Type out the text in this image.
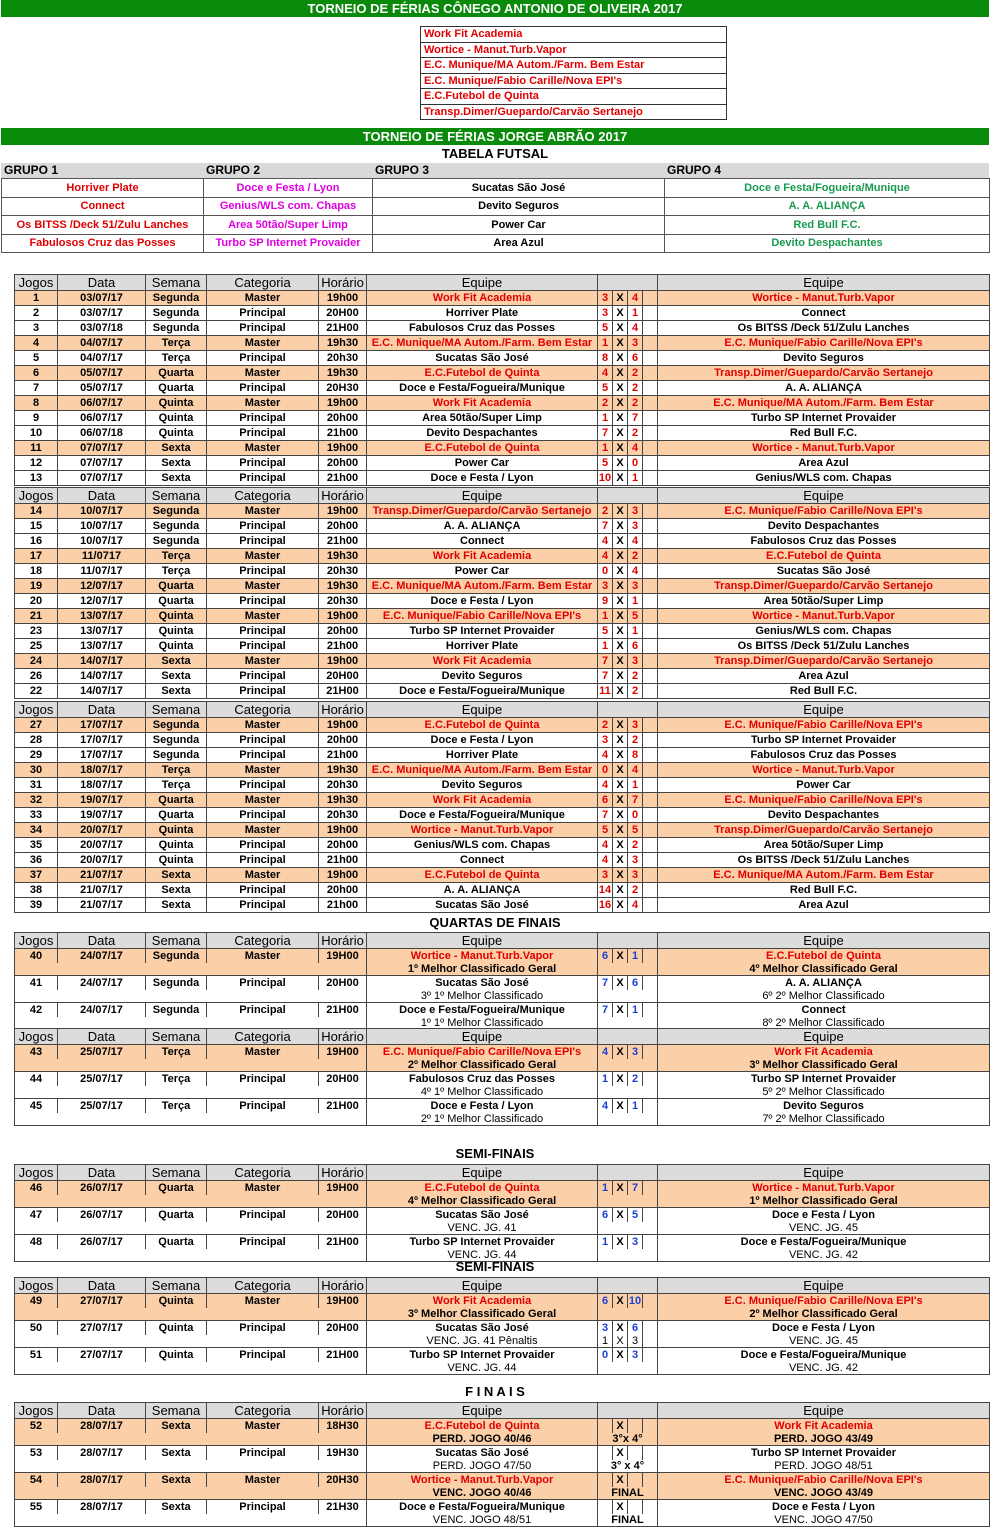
TORNEIO DE FÉRIAS CÔNEGO ANTONIO DE OLIVEIRA 2017
Work Fit Academia
Wortice - Manut.Turb.Vapor
E.C. Munique/MA Autom./Farm. Bem Estar
E.C. Munique/Fabio Carille/Nova EPI's
E.C.Futebol de Quinta
Transp.Dimer/Guepardo/Carvão Sertanejo
TORNEIO DE FÉRIAS JORGE ABRÃO 2017
TABELA FUTSAL
GRUPO 1	GRUPO 2	GRUPO 3	GRUPO 4
Horriver Plate	Doce e Festa / Lyon	Sucatas São José	Doce e Festa/Fogueira/Munique
Connect	Genius/WLS com. Chapas	Devito Seguros	A. A. ALIANÇA
Os BITSS /Deck 51/Zulu Lanches	Area 50tão/Super Limp	Power Car	Red Bull F.C.
Fabulosos Cruz das Posses	Turbo SP Internet Provaider	Area Azul	Devito Despachantes
Jogos	Data	Semana	Categoria	Horário	Equipe					Equipe
1	03/07/17	Segunda	Master	19h00	Work Fit Academia	3	X	4		Wortice - Manut.Turb.Vapor
2	03/07/17	Segunda	Principal	20H00	Horriver Plate	3	X	1		Connect
3	03/07/18	Segunda	Principal	21H00	Fabulosos Cruz das Posses	5	X	4		Os BITSS /Deck 51/Zulu Lanches
4	04/07/17	Terça	Master	19h30	E.C. Munique/MA Autom./Farm. Bem Estar	1	X	3		E.C. Munique/Fabio Carille/Nova EPI's
5	04/07/17	Terça	Principal	20h30	Sucatas São José	8	X	6		Devito Seguros
6	05/07/17	Quarta	Master	19h30	E.C.Futebol de Quinta	4	X	2		Transp.Dimer/Guepardo/Carvão Sertanejo
7	05/07/17	Quarta	Principal	20H30	Doce e Festa/Fogueira/Munique	5	X	2		A. A. ALIANÇA
8	06/07/17	Quinta	Master	19h00	Work Fit Academia	2	X	2		E.C. Munique/MA Autom./Farm. Bem Estar
9	06/07/17	Quinta	Principal	20h00	Area 50tão/Super Limp	1	X	7		Turbo SP Internet Provaider
10	06/07/18	Quinta	Principal	21h00	Devito Despachantes	7	X	2		Red Bull F.C.
11	07/07/17	Sexta	Master	19h00	E.C.Futebol de Quinta	1	X	4		Wortice - Manut.Turb.Vapor
12	07/07/17	Sexta	Principal	20h00	Power Car	5	X	0		Area Azul
13	07/07/17	Sexta	Principal	21h00	Doce e Festa / Lyon	10	X	1		Genius/WLS com. Chapas
Jogos	Data	Semana	Categoria	Horário	Equipe					Equipe
14	10/07/17	Segunda	Master	19h00	Transp.Dimer/Guepardo/Carvão Sertanejo	2	X	3		E.C. Munique/Fabio Carille/Nova EPI's
15	10/07/17	Segunda	Principal	20h00	A. A. ALIANÇA	7	X	3		Devito Despachantes
16	10/07/17	Segunda	Principal	21h00	Connect	4	X	4		Fabulosos Cruz das Posses
17	11/0717	Terça	Master	19h30	Work Fit Academia	4	X	2		E.C.Futebol de Quinta
18	11/07/17	Terça	Principal	20h30	Power Car	0	X	4		Sucatas São José
19	12/07/17	Quarta	Master	19h30	E.C. Munique/MA Autom./Farm. Bem Estar	3	X	3		Transp.Dimer/Guepardo/Carvão Sertanejo
20	12/07/17	Quarta	Principal	20h30	Doce e Festa / Lyon	9	X	1		Area 50tão/Super Limp
21	13/07/17	Quinta	Master	19h00	E.C. Munique/Fabio Carille/Nova EPI's	1	X	5		Wortice - Manut.Turb.Vapor
23	13/07/17	Quinta	Principal	20h00	Turbo SP Internet Provaider	5	X	1		Genius/WLS com. Chapas
25	13/07/17	Quinta	Principal	21h00	Horriver Plate	1	X	6		Os BITSS /Deck 51/Zulu Lanches
24	14/07/17	Sexta	Master	19h00	Work Fit Academia	7	X	3		Transp.Dimer/Guepardo/Carvão Sertanejo
26	14/07/17	Sexta	Principal	20H00	Devito Seguros	7	X	2		Area Azul
22	14/07/17	Sexta	Principal	21H00	Doce e Festa/Fogueira/Munique	11	X	2		Red Bull F.C.
Jogos	Data	Semana	Categoria	Horário	Equipe					Equipe
27	17/07/17	Segunda	Master	19h00	E.C.Futebol de Quinta	2	X	3		E.C. Munique/Fabio Carille/Nova EPI's
28	17/07/17	Segunda	Principal	20h00	Doce e Festa / Lyon	3	X	2		Turbo SP Internet Provaider
29	17/07/17	Segunda	Principal	21h00	Horriver Plate	4	X	8		Fabulosos Cruz das Posses
30	18/07/17	Terça	Master	19h30	E.C. Munique/MA Autom./Farm. Bem Estar	0	X	4		Wortice - Manut.Turb.Vapor
31	18/07/17	Terça	Principal	20h30	Devito Seguros	4	X	1		Power Car
32	19/07/17	Quarta	Master	19h30	Work Fit Academia	6	X	7		E.C. Munique/Fabio Carille/Nova EPI's
33	19/07/17	Quarta	Principal	20h30	Doce e Festa/Fogueira/Munique	7	X	0		Devito Despachantes
34	20/07/17	Quinta	Master	19h00	Wortice - Manut.Turb.Vapor	5	X	5		Transp.Dimer/Guepardo/Carvão Sertanejo
35	20/07/17	Quinta	Principal	20h00	Genius/WLS com. Chapas	4	X	2		Area 50tão/Super Limp
36	20/07/17	Quinta	Principal	21h00	Connect	4	X	3		Os BITSS /Deck 51/Zulu Lanches
37	21/07/17	Sexta	Master	19h00	E.C.Futebol de Quinta	3	X	3		E.C. Munique/MA Autom./Farm. Bem Estar
38	21/07/17	Sexta	Principal	20h00	A. A. ALIANÇA	14	X	2		Red Bull F.C.
39	21/07/17	Sexta	Principal	21h00	Sucatas São José	16	X	4		Area Azul
QUARTAS DE FINAIS
Jogos	Data	Semana	Categoria	Horário	Equipe					Equipe
40	24/07/17	Segunda	Master	19H00	Wortice - Manut.Turb.Vapor	6	X	1		E.C.Futebol de Quinta
					1º Melhor Classificado Geral					4º Melhor Classificado Geral
41	24/07/17	Segunda	Principal	20H00	Sucatas São José	7	X	6		A. A. ALIANÇA
					3º 1º Melhor Classificado					6º 2º Melhor Classificado
42	24/07/17	Segunda	Principal	21H00	Doce e Festa/Fogueira/Munique	7	X	1		Connect
					1º 1º Melhor Classificado					8º 2º Melhor Classificado
Jogos	Data	Semana	Categoria	Horário	Equipe					Equipe
43	25/07/17	Terça	Master	19H00	E.C. Munique/Fabio Carille/Nova EPI's	4	X	3		Work Fit Academia
					2º Melhor Classificado Geral					3º Melhor Classificado Geral
44	25/07/17	Terça	Principal	20H00	Fabulosos Cruz das Posses	1	X	2		Turbo SP Internet Provaider
					4º 1º Melhor Classificado					5º 2º Melhor Classificado
45	25/07/17	Terça	Principal	21H00	Doce e Festa / Lyon	4	X	1		Devito Seguros
					2º 1º Melhor Classificado					7º 2º Melhor Classificado
SEMI-FINAIS
Jogos	Data	Semana	Categoria	Horário	Equipe					Equipe
46	26/07/17	Quarta	Master	19H00	E.C.Futebol de Quinta	1	X	7		Wortice - Manut.Turb.Vapor
					4º Melhor Classificado Geral					1º Melhor Classificado Geral
47	26/07/17	Quarta	Principal	20H00	Sucatas São José	6	X	5		Doce e Festa / Lyon
					VENC. JG. 41					VENC. JG. 45
48	26/07/17	Quarta	Principal	21H00	Turbo SP Internet Provaider	1	X	3		Doce e Festa/Fogueira/Munique
					VENC. JG. 44					VENC. JG. 42
SEMI-FINAIS
Jogos	Data	Semana	Categoria	Horário	Equipe					Equipe
49	27/07/17	Quinta	Master	19H00	Work Fit Academia	6	X	10		E.C. Munique/Fabio Carille/Nova EPI's
					3º Melhor Classificado Geral					2º Melhor Classificado Geral
50	27/07/17	Quinta	Principal	20H00	Sucatas São José	3	X	6		Doce e Festa / Lyon
					VENC. JG. 41 Pênaltis	1	X	3		VENC. JG. 45
51	27/07/17	Quinta	Principal	21H00	Turbo SP Internet Provaider	0	X	3		Doce e Festa/Fogueira/Munique
					VENC. JG. 44					VENC. JG. 42
F I N A I S
Jogos	Data	Semana	Categoria	Horário	Equipe					Equipe
52	28/07/17	Sexta	Master	18H30	E.C.Futebol de Quinta		X			Work Fit Academia
					PERD. JOGO 40/46	3°x 4°				PERD. JOGO 43/49
53	28/07/17	Sexta	Principal	19H30	Sucatas São José		X			Turbo SP Internet Provaider
					PERD. JOGO 47/50	3° x 4°				PERD. JOGO 48/51
54	28/07/17	Sexta	Master	20H30	Wortice - Manut.Turb.Vapor		X			E.C. Munique/Fabio Carille/Nova EPI's
					VENC. JOGO 40/46	FINAL				VENC. JOGO 43/49
55	28/07/17	Sexta	Principal	21H30	Doce e Festa/Fogueira/Munique		X			Doce e Festa / Lyon
					VENC. JOGO 48/51	FINAL				VENC. JOGO 47/50
